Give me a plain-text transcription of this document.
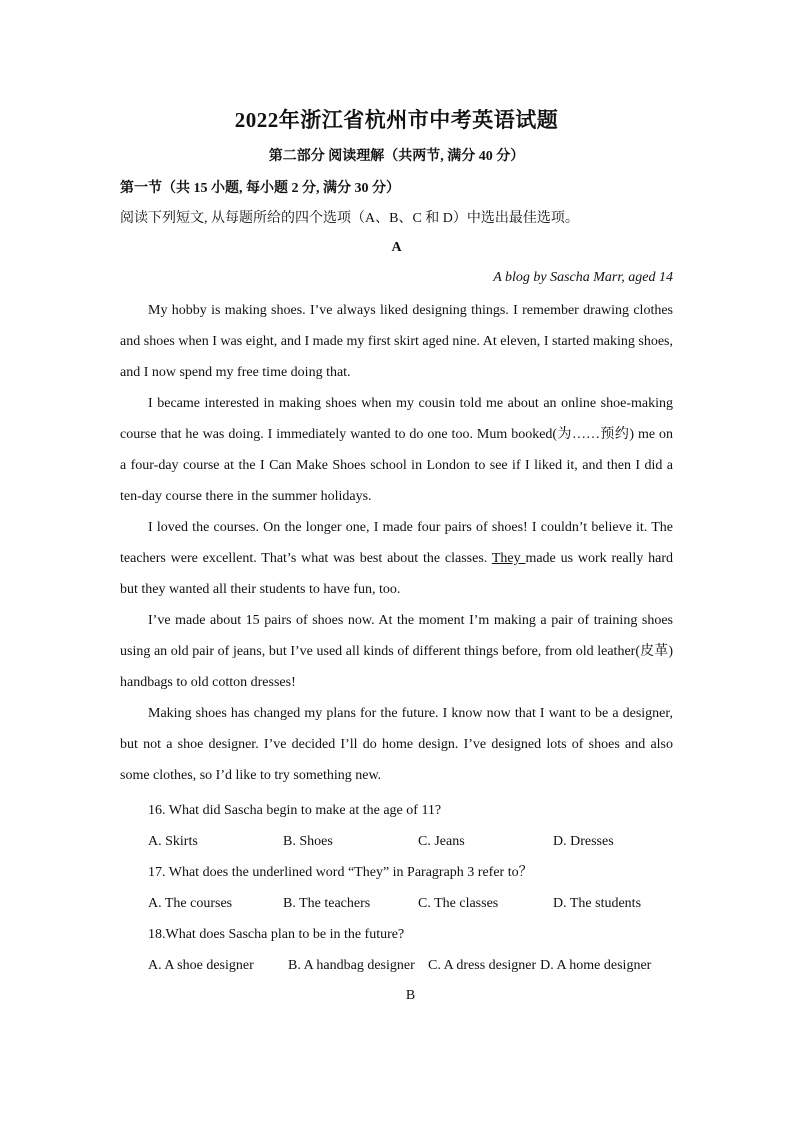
2022年浙江省杭州市中考英语试题
第二部分 阅读理解（共两节, 满分 40 分）
第一节（共 15 小题, 每小题 2 分, 满分 30 分）
阅读下列短文, 从每题所给的四个选项（A、B、C 和 D）中选出最佳选项。
A
A blog by Sascha Marr, aged 14

My hobby is making shoes. I’ve always liked designing things. I remember drawing clothes and shoes when I was eight, and I made my first skirt aged nine. At eleven, I started making shoes, and I now spend my free time doing that.

I became interested in making shoes when my cousin told me about an online shoe-making course that he was doing. I immediately wanted to do one too. Mum booked(为……预约) me on a four-day course at the I Can Make Shoes school in London to see if I liked it, and then I did a ten-day course there in the summer holidays.

I loved the courses. On the longer one, I made four pairs of shoes! I couldn’t believe it. The teachers were excellent. That’s what was best about the classes. They made us work really hard but they wanted all their students to have fun, too.

I’ve made about 15 pairs of shoes now. At the moment I’m making a pair of training shoes using an old pair of jeans, but I’ve used all kinds of different things before, from old leather(皮革) handbags to old cotton dresses!

Making shoes has changed my plans for the future. I know now that I want to be a designer, but not a shoe designer. I’ve decided I’ll do home design. I’ve designed lots of shoes and also some clothes, so I’d like to try something new.

16. What did Sascha begin to make at the age of 11?

A. Skirts	B. Shoes	C. Jeans	D. Dresses

17. What does the underlined word “They” in Paragraph 3 refer to？

A. The courses	B. The teachers	C. The classes	D. The students

18.What does Sascha plan to be in the future?

A. A shoe designer	B. A handbag designer C. A dress designer D. A home designer

B
